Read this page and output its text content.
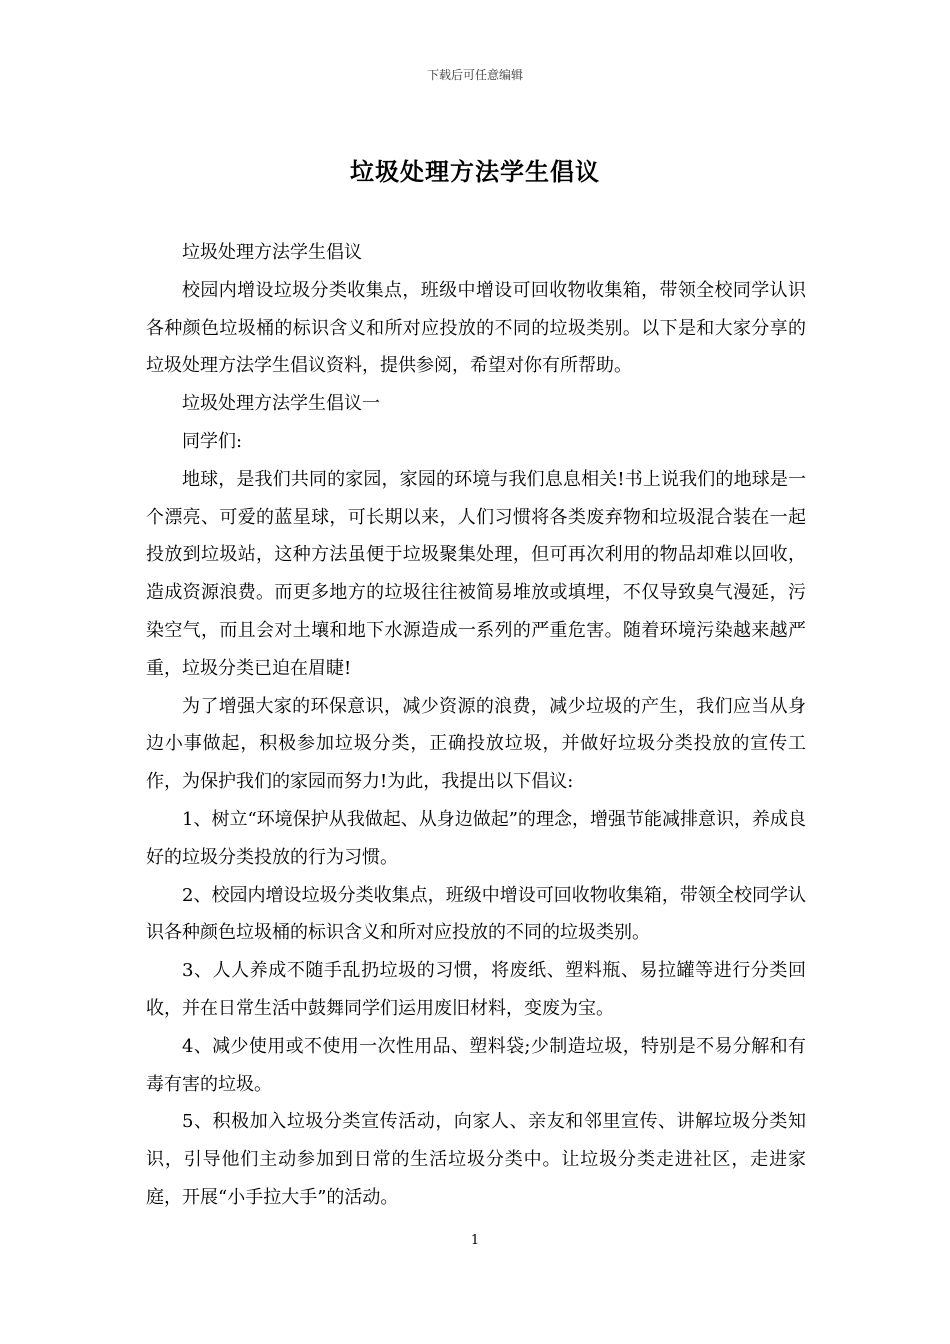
下载后可任意编辑
垃圾处理方法学生倡议

垃圾处理方法学生倡议

校园内增设垃圾分类收集点，班级中增设可回收物收集箱，带领全校同学认识各种颜色垃圾桶的标识含义和所对应投放的不同的垃圾类别。以下是和大家分享的垃圾处理方法学生倡议资料，提供参阅，希望对你有所帮助。

垃圾处理方法学生倡议一

同学们:

地球，是我们共同的家园，家园的环境与我们息息相关!书上说我们的地球是一个漂亮、可爱的蓝星球，可长期以来，人们习惯将各类废弃物和垃圾混合装在一起投放到垃圾站，这种方法虽便于垃圾聚集处理，但可再次利用的物品却难以回收，造成资源浪费。而更多地方的垃圾往往被简易堆放或填埋，不仅导致臭气漫延，污染空气，而且会对土壤和地下水源造成一系列的严重危害。随着环境污染越来越严重，垃圾分类已迫在眉睫!

为了增强大家的环保意识，减少资源的浪费，减少垃圾的产生，我们应当从身边小事做起，积极参加垃圾分类，正确投放垃圾，并做好垃圾分类投放的宣传工作，为保护我们的家园而努力!为此，我提出以下倡议:

1、树立“环境保护从我做起、从身边做起”的理念，增强节能减排意识，养成良好的垃圾分类投放的行为习惯。

2、校园内增设垃圾分类收集点，班级中增设可回收物收集箱，带领全校同学认识各种颜色垃圾桶的标识含义和所对应投放的不同的垃圾类别。

3、人人养成不随手乱扔垃圾的习惯，将废纸、塑料瓶、易拉罐等进行分类回收，并在日常生活中鼓舞同学们运用废旧材料，变废为宝。

4、减少使用或不使用一次性用品、塑料袋;少制造垃圾，特别是不易分解和有毒有害的垃圾。

5、积极加入垃圾分类宣传活动，向家人、亲友和邻里宣传、讲解垃圾分类知识，引导他们主动参加到日常的生活垃圾分类中。让垃圾分类走进社区，走进家庭，开展“小手拉大手”的活动。

1
